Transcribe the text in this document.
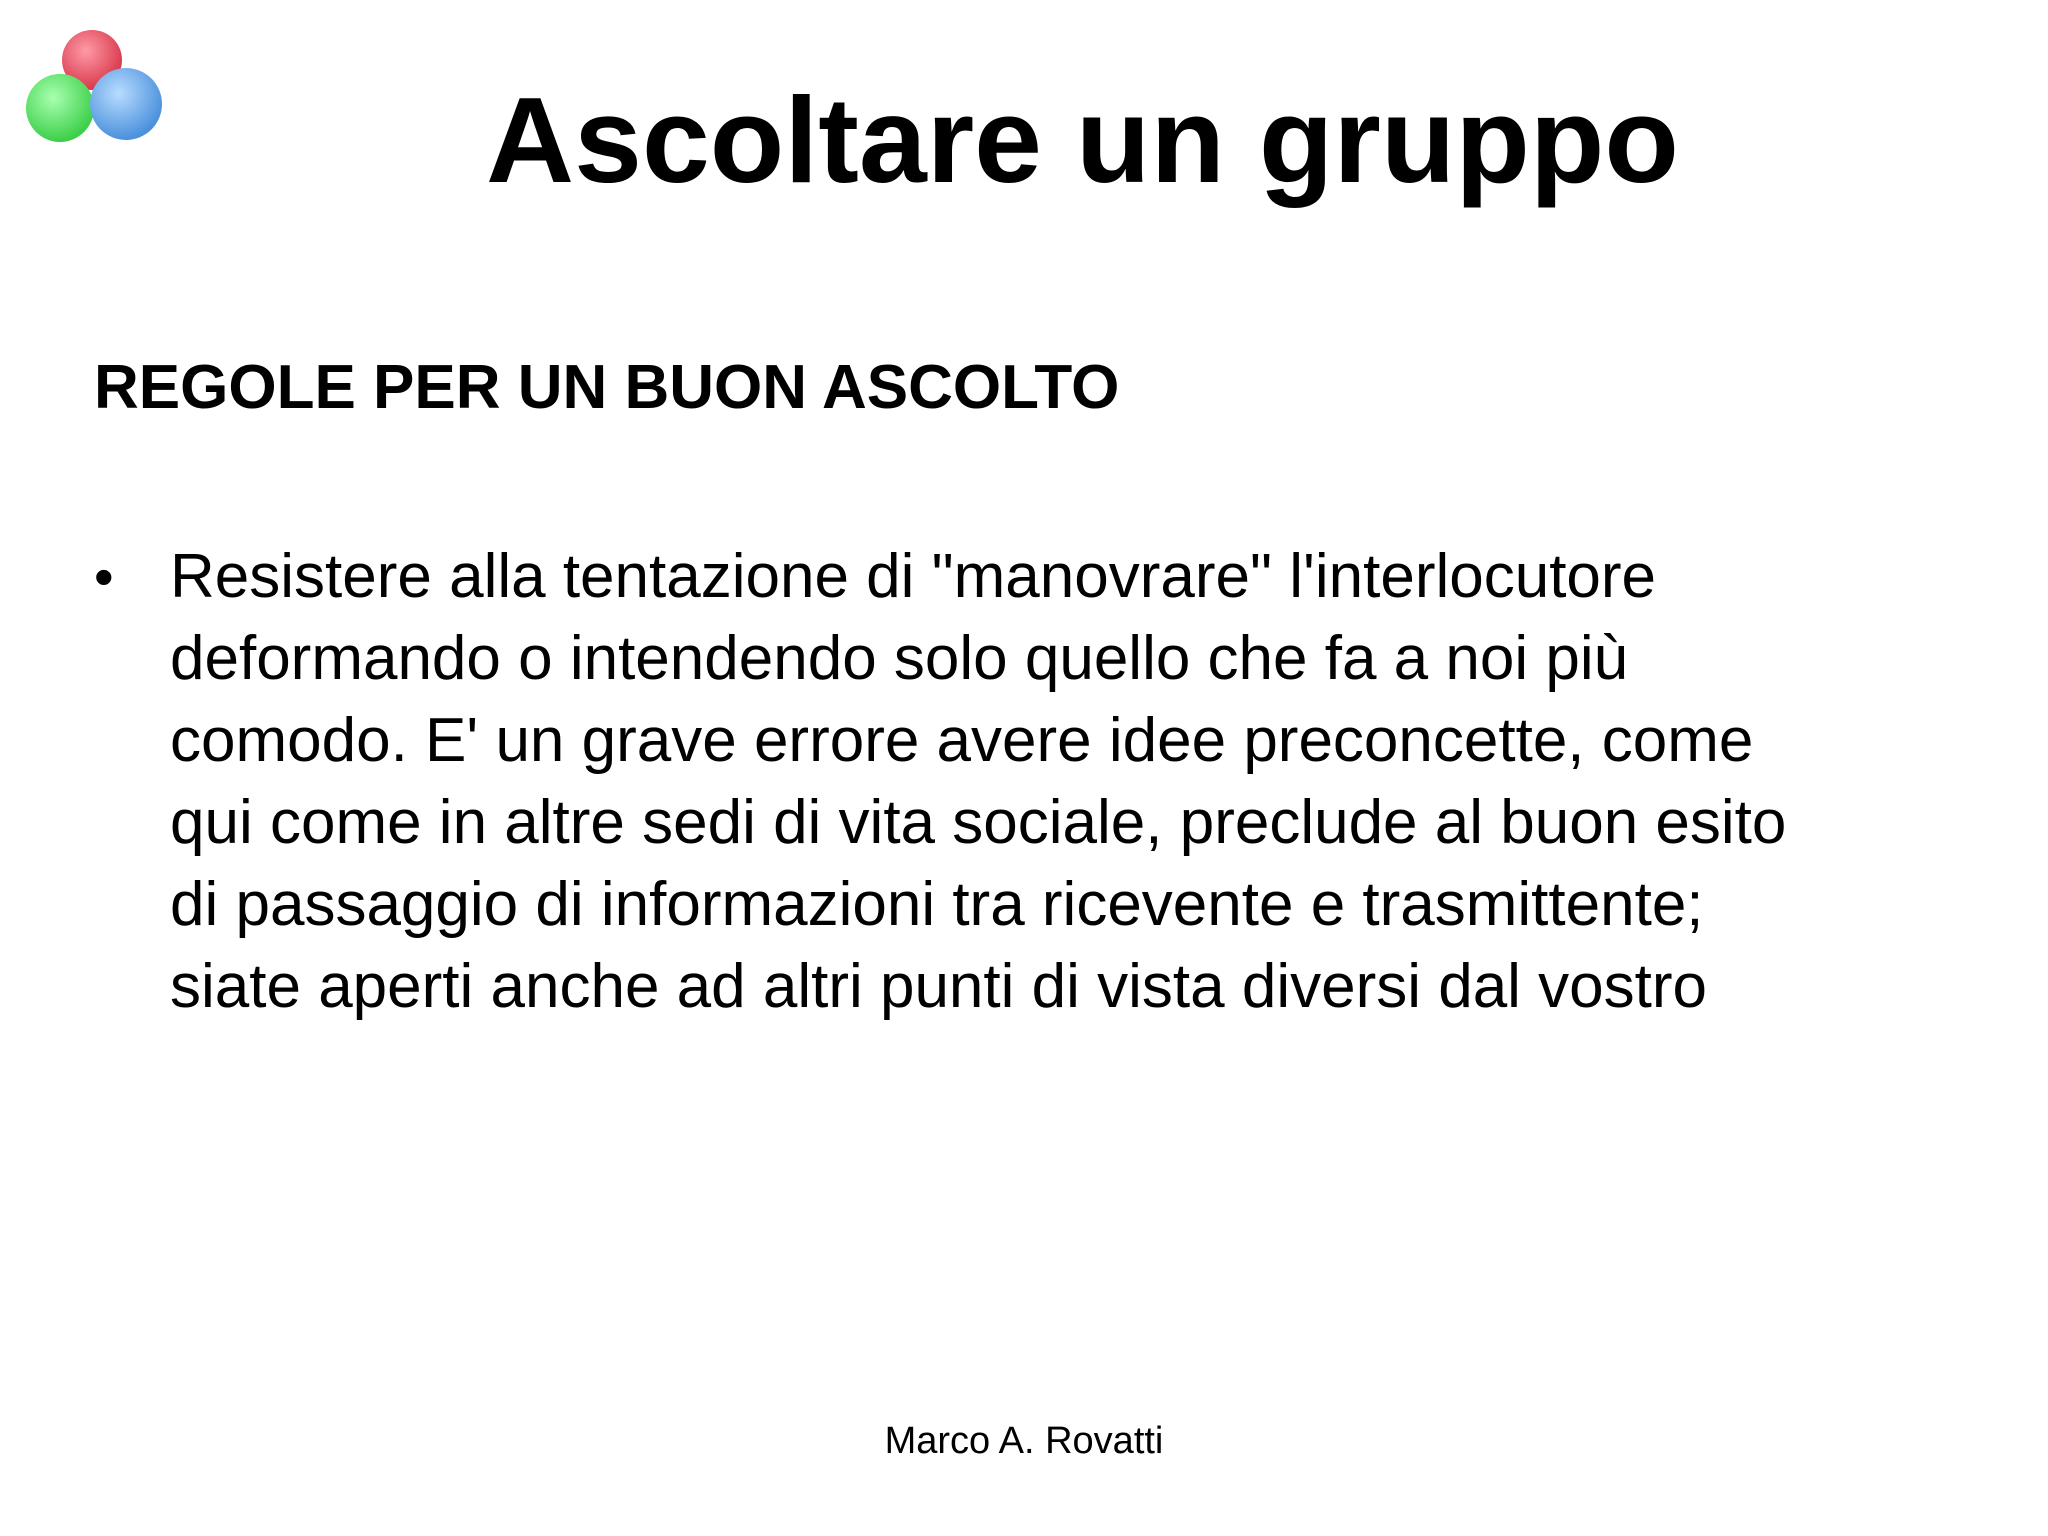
Ascoltare un gruppo
REGOLE PER UN BUON ASCOLTO
• Resistere alla tentazione di "manovrare" l'interlocutore
deformando o intendendo solo quello che fa a noi più
comodo. E' un grave errore avere idee preconcette, come
qui come in altre sedi di vita sociale, preclude al buon esito
di passaggio di informazioni tra ricevente e trasmittente;
siate aperti anche ad altri punti di vista diversi dal vostro
Marco A. Rovatti
